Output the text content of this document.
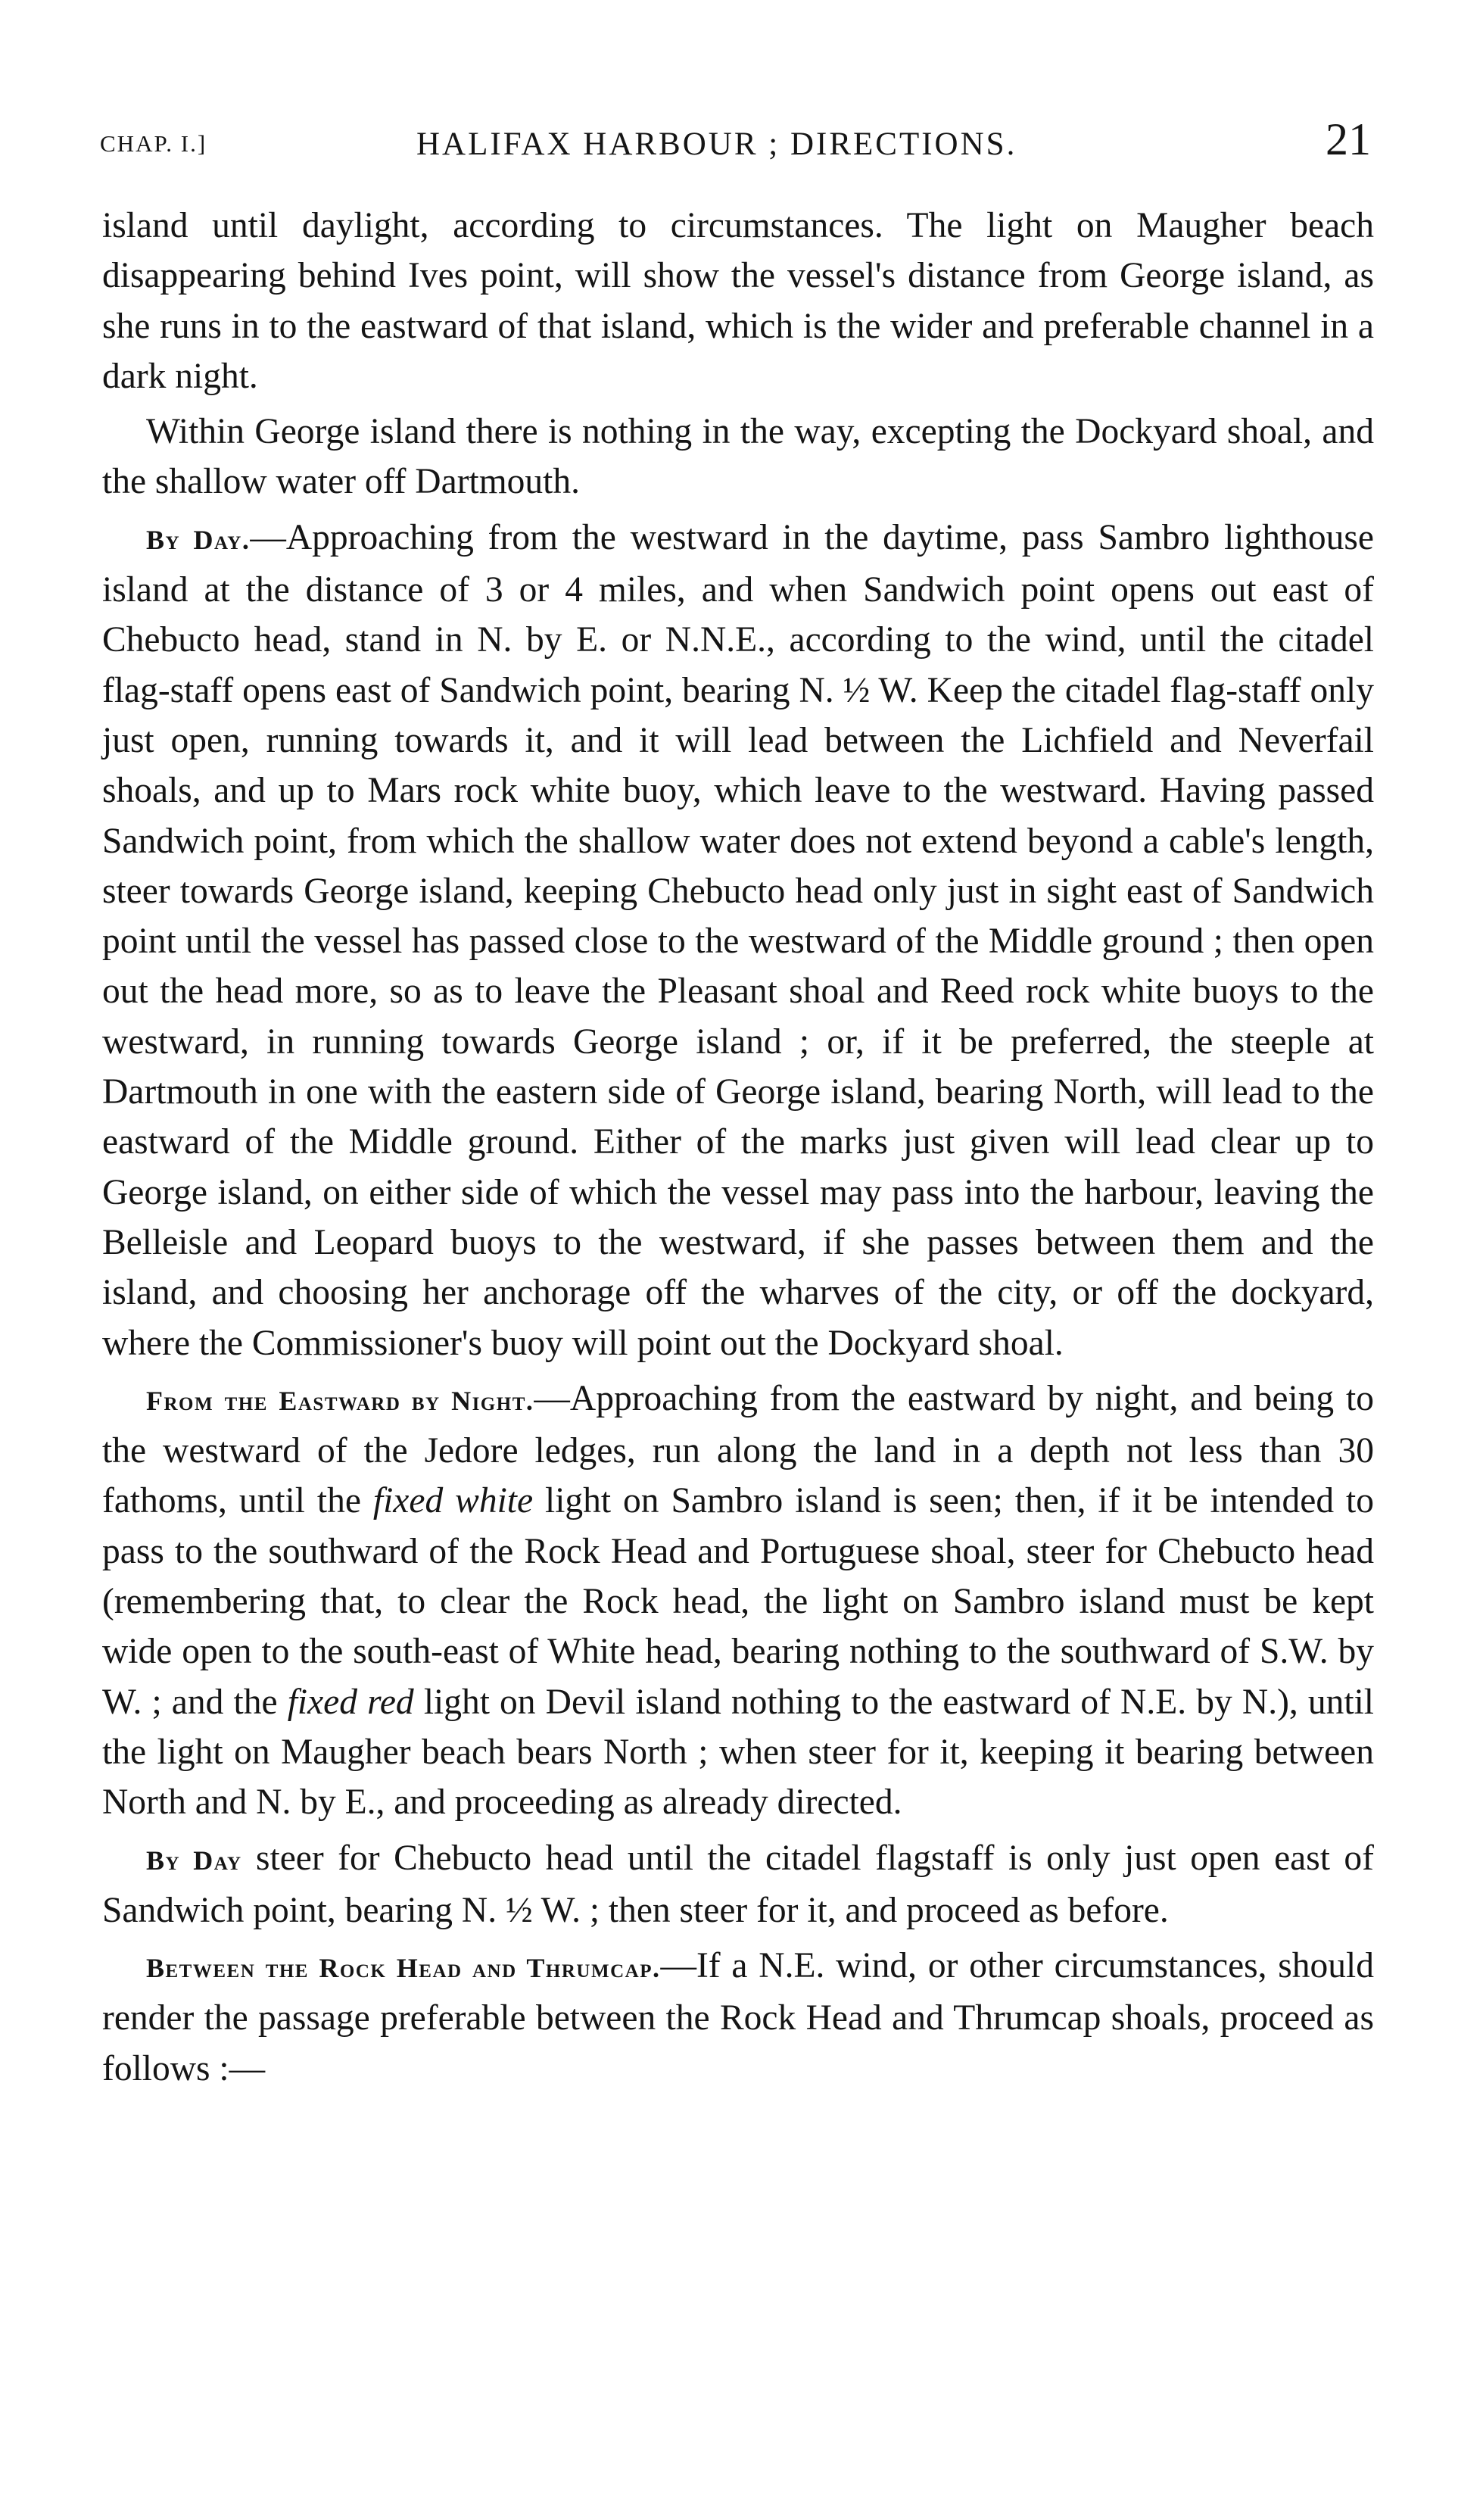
CHAP. I.]	HALIFAX HARBOUR ; DIRECTIONS.	21

island until daylight, according to circumstances. The light on Maugher beach disappearing behind Ives point, will show the vessel's distance from George island, as she runs in to the eastward of that island, which is the wider and preferable channel in a dark night.

Within George island there is nothing in the way, excepting the Dockyard shoal, and the shallow water off Dartmouth.

By Day.—Approaching from the westward in the daytime, pass Sambro lighthouse island at the distance of 3 or 4 miles, and when Sandwich point opens out east of Chebucto head, stand in N. by E. or N.N.E., according to the wind, until the citadel flag-staff opens east of Sandwich point, bearing N. ½ W. Keep the citadel flag-staff only just open, running towards it, and it will lead between the Lichfield and Neverfail shoals, and up to Mars rock white buoy, which leave to the westward. Having passed Sandwich point, from which the shallow water does not extend beyond a cable's length, steer towards George island, keeping Chebucto head only just in sight east of Sandwich point until the vessel has passed close to the westward of the Middle ground ; then open out the head more, so as to leave the Pleasant shoal and Reed rock white buoys to the westward, in running towards George island ; or, if it be preferred, the steeple at Dartmouth in one with the eastern side of George island, bearing North, will lead to the eastward of the Middle ground. Either of the marks just given will lead clear up to George island, on either side of which the vessel may pass into the harbour, leaving the Belleisle and Leopard buoys to the westward, if she passes between them and the island, and choosing her anchorage off the wharves of the city, or off the dockyard, where the Commissioner's buoy will point out the Dockyard shoal.

From the Eastward by Night.—Approaching from the eastward by night, and being to the westward of the Jedore ledges, run along the land in a depth not less than 30 fathoms, until the fixed white light on Sambro island is seen; then, if it be intended to pass to the southward of the Rock Head and Portuguese shoal, steer for Chebucto head (remembering that, to clear the Rock head, the light on Sambro island must be kept wide open to the south-east of White head, bearing nothing to the southward of S.W. by W. ; and the fixed red light on Devil island nothing to the eastward of N.E. by N.), until the light on Maugher beach bears North ; when steer for it, keeping it bearing between North and N. by E., and proceeding as already directed.

By Day steer for Chebucto head until the citadel flagstaff is only just open east of Sandwich point, bearing N. ½ W. ; then steer for it, and proceed as before.

Between the Rock Head and Thrumcap.—If a N.E. wind, or other circumstances, should render the passage preferable between the Rock Head and Thrumcap shoals, proceed as follows :—
